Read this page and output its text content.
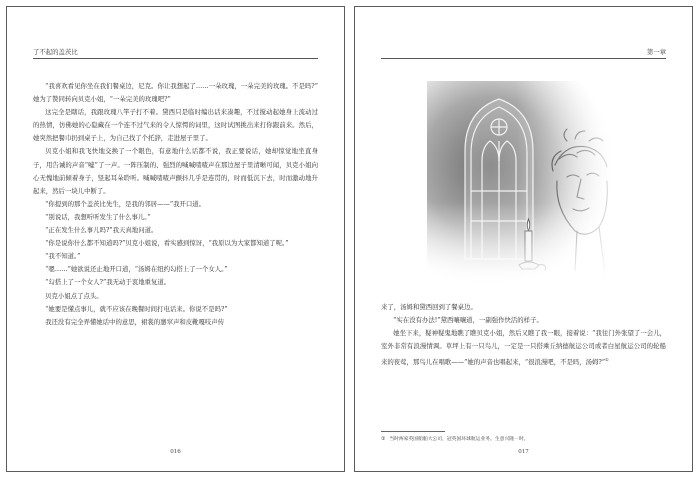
了不起的盖茨比

“我喜欢看见你坐在我们餐桌边，尼克。你让我想起了……一朵玫瑰，一朵完美的玫瑰。不是吗?” 她为了赞同转向贝克小姐，“一朵完美的玫瑰吧?”

这完全是瞎话，我跟玫瑰八竿子打不着。黛西只是临时编出话来凑趣，不过搅动起她身上流动过的热情，仿佛她的心隐藏在一个连不过气来的令人惊愕的词里，这时试图挑出来打你跟前来。然后，她突然把餐巾扔到桌子上，为自己找了个托辞，走进屋子里了。

贝克小姐和我飞快地交换了一个眼色，有意地什么话都不说，我正要说话，她却惊觉地坐直身子，用告诫的声音“嘘”了一声。一阵压制的、强烈的喊喊喳喳声在那边屋子里清晰可闻，贝克小姐向心无愧地前倾着身子，竖起耳朵聆听。喊喊喳喳声颤抖几乎是连贯的，时而低沉下去，时而激动地升起来，然后一块儿中断了。

“你提到的那个盖茨比先生，是我的邻居——”我开口道。

“别说话，我想听听发生了什么事儿。”

“正在发生什么事儿吗?”我天真地问道。

“你是说你什么都不知道吗?”贝克小姐说，看实感到惊讶，“我原以为大家都知道了呢。”

“我不知道。”

“嗯……”她欲说还止地开口道，“汤姆在纽约勾搭上了一个女人。”

“勾搭上了一个女人?”我无动于衷地重复道。

贝克小姐点了点头。

“她要是懂点事儿，就不应该在晚餐时间打电话来。你说不是吗?”

我还没有完全弄懂她话中的意思，裙裳的窸窣声和皮靴嘎吱声传

016
第一章
来了，汤姆和黛西回到了餐桌边。

“实在没有办法!”黛西嚷嚷道，一副强作快活的样子。

她坐下来，疑神疑鬼地瞧了瞧贝克小姐，然后又瞧了我一眼，接着说：“我往门外张望了一会儿，室外非常有浪漫情调。草坪上有一只鸟儿，一定是一只搭乘丘纳德航运公司或者白星航运公司的轮船来的夜莺，那鸟儿在唱歌——”她的声音也唱起来，“很浪漫吧，不是吗，汤姆?”①

① 当时两家英国船舶大公司，冠英国环球航运业务。生意兴隆一时。
017
